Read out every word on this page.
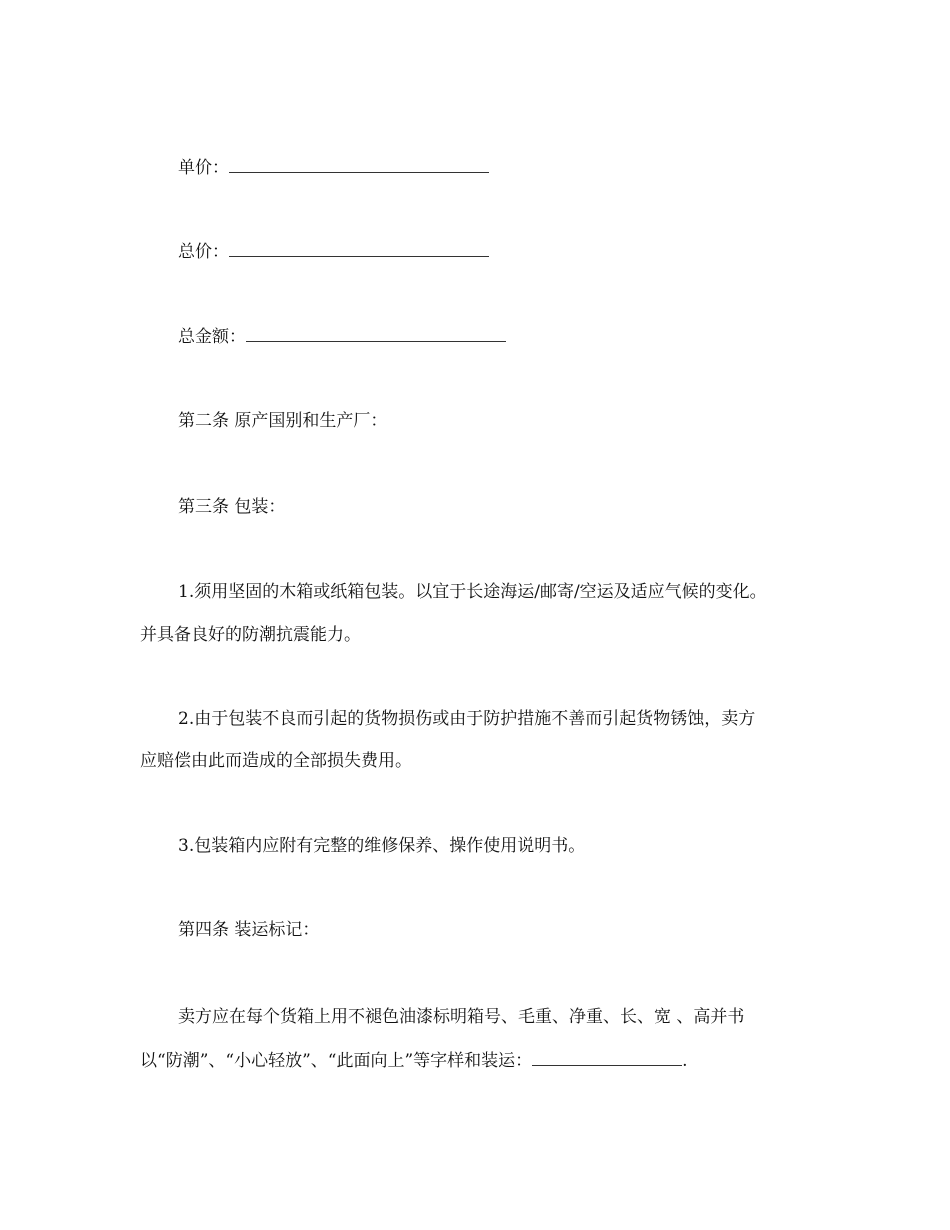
单价：
总价：
总金额：
第二条 原产国别和生产厂：
第三条 包装：
1.须用坚固的木箱或纸箱包装。以宜于长途海运/邮寄/空运及适应气候的变化。
并具备良好的防潮抗震能力。
2.由于包装不良而引起的货物损伤或由于防护措施不善而引起货物锈蚀，卖方
应赔偿由此而造成的全部损失费用。
3.包装箱内应附有完整的维修保养、操作使用说明书。
第四条 装运标记：
卖方应在每个货箱上用不褪色油漆标明箱号、毛重、净重、长、宽 、高并书
以“防潮”、“小心轻放”、“此面向上”等字样和装运：	.
